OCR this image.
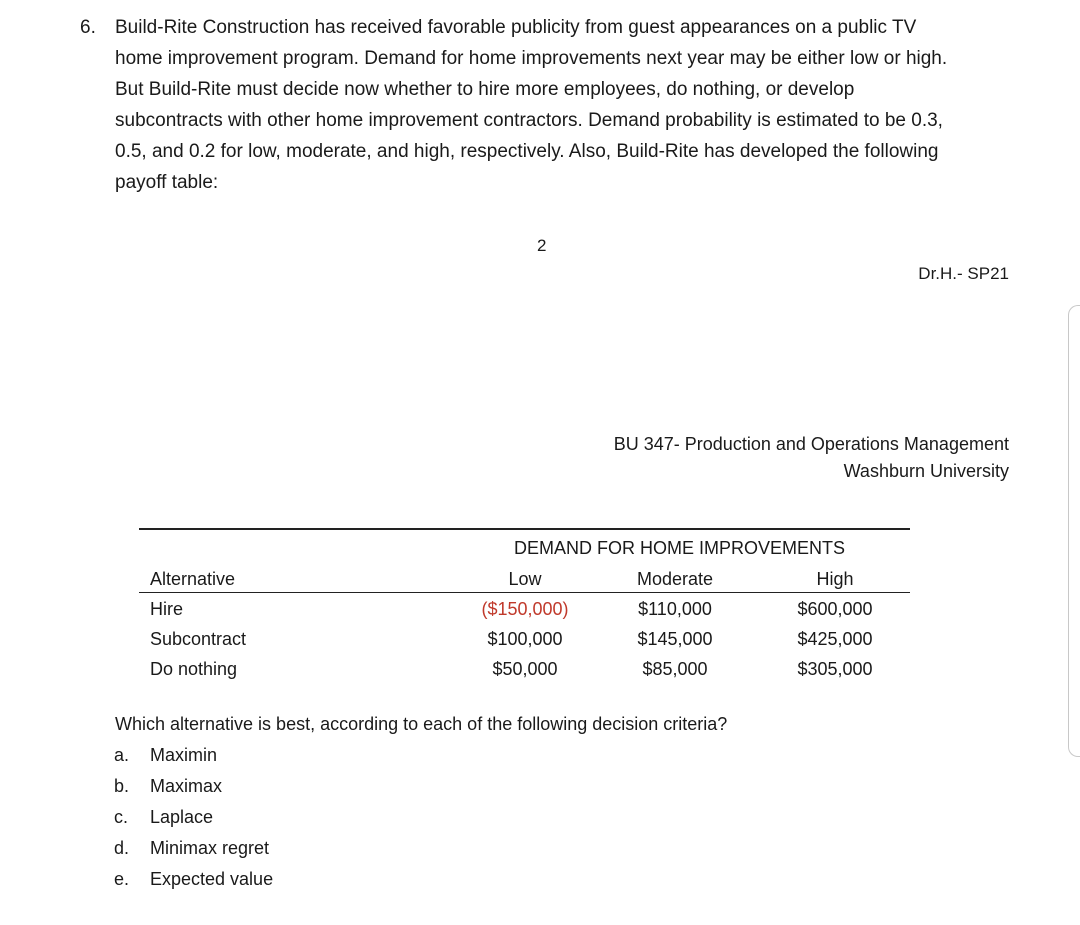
6. Build-Rite Construction has received favorable publicity from guest appearances on a public TV

home improvement program. Demand for home improvements next year may be either low or high.

But Build-Rite must decide now whether to hire more employees, do nothing, or develop

subcontracts with other home improvement contractors. Demand probability is estimated to be 0.3,

0.5, and 0.2 for low, moderate, and high, respectively. Also, Build-Rite has developed the following

payoff table:

2
Dr.H.- SP21
BU 347- Production and Operations Management
Washburn University
DEMAND FOR HOME IMPROVEMENTS
Alternative	Low	Moderate	High
Hire	($150,000)	$110,000	$600,000
Subcontract	$100,000	$145,000	$425,000
Do nothing	$50,000	$85,000	$305,000
Which alternative is best, according to each of the following decision criteria?
a. Maximin
b. Maximax
c. Laplace
d. Minimax regret
e. Expected value
